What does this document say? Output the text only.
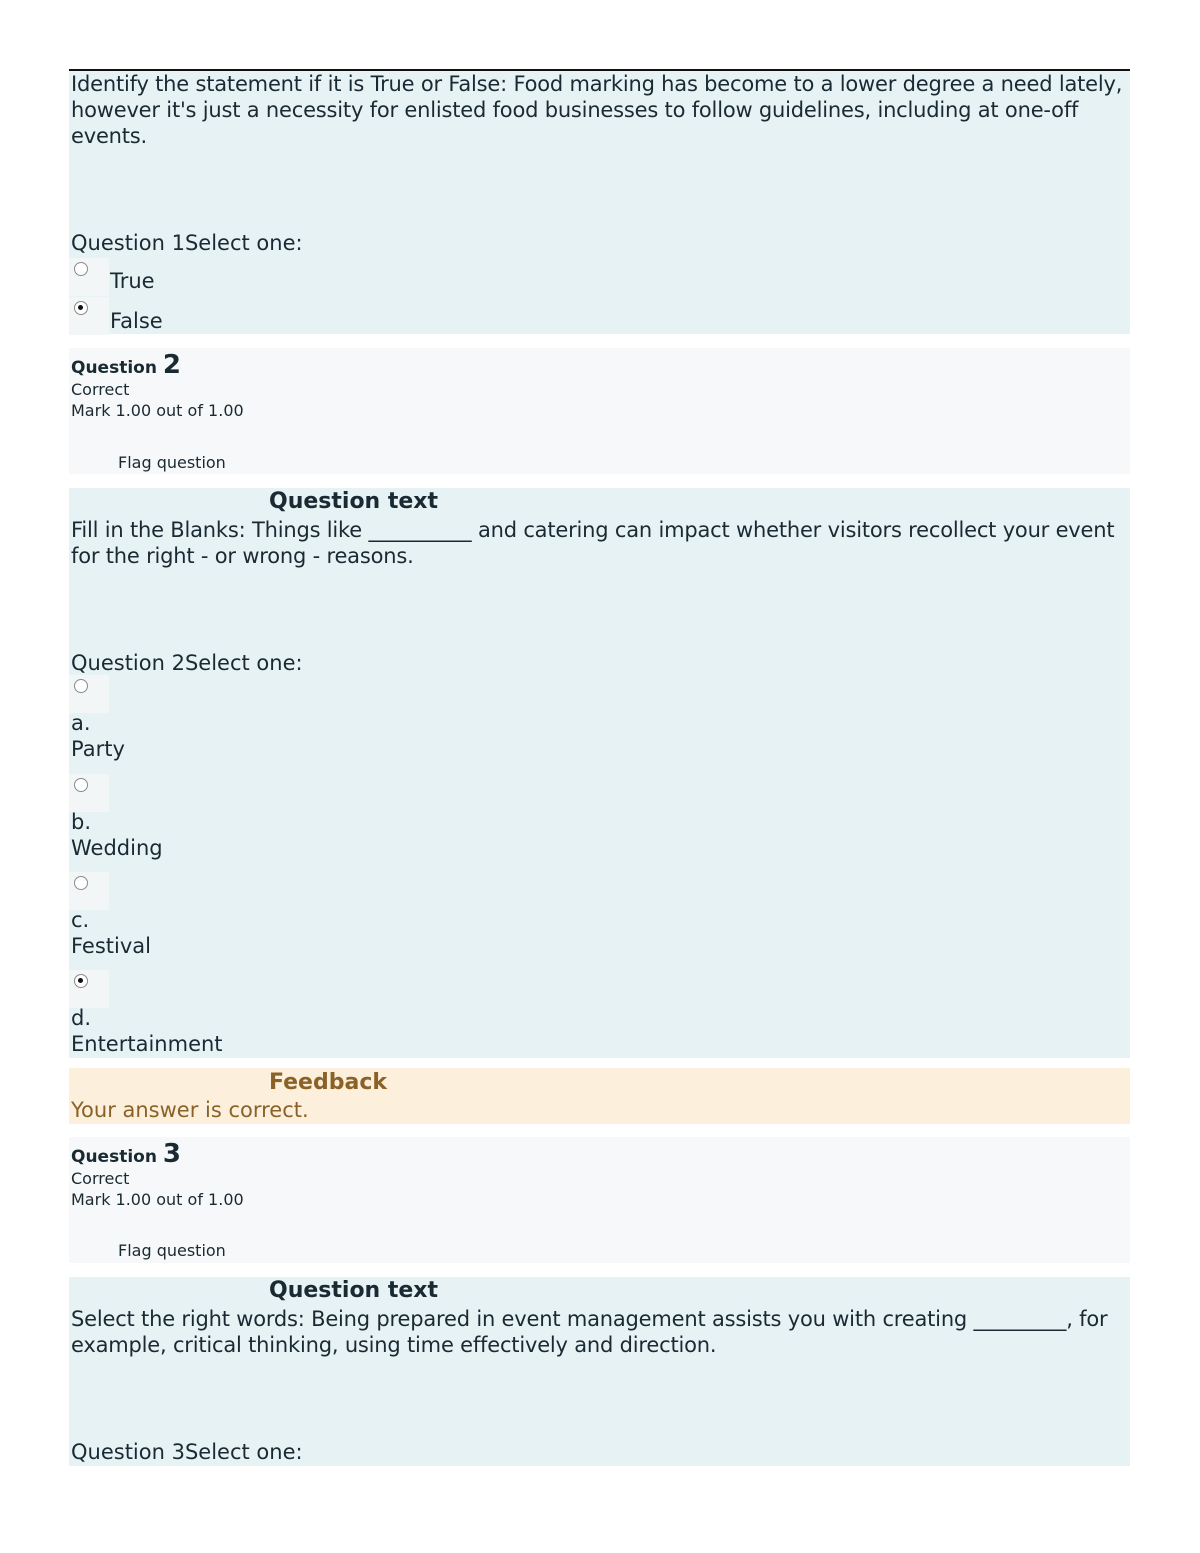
Identify the statement if it is True or False: Food marking has become to a lower degree a need lately, however it's just a necessity for enlisted food businesses to follow guidelines, including at one-off events.

Question 1Select one:
True
False
Question 2
Correct
Mark 1.00 out of 1.00
Flag question
Question text

Fill in the Blanks: Things like __________ and catering can impact whether visitors recollect your event for the right - or wrong - reasons.

Question 2Select one:
a.
Party
b.
Wedding
c.
Festival
d.
Entertainment
Feedback
Your answer is correct.
Question 3
Correct
Mark 1.00 out of 1.00
Flag question
Question text

Select the right words: Being prepared in event management assists you with creating _________, for example, critical thinking, using time effectively and direction.

Question 3Select one:
